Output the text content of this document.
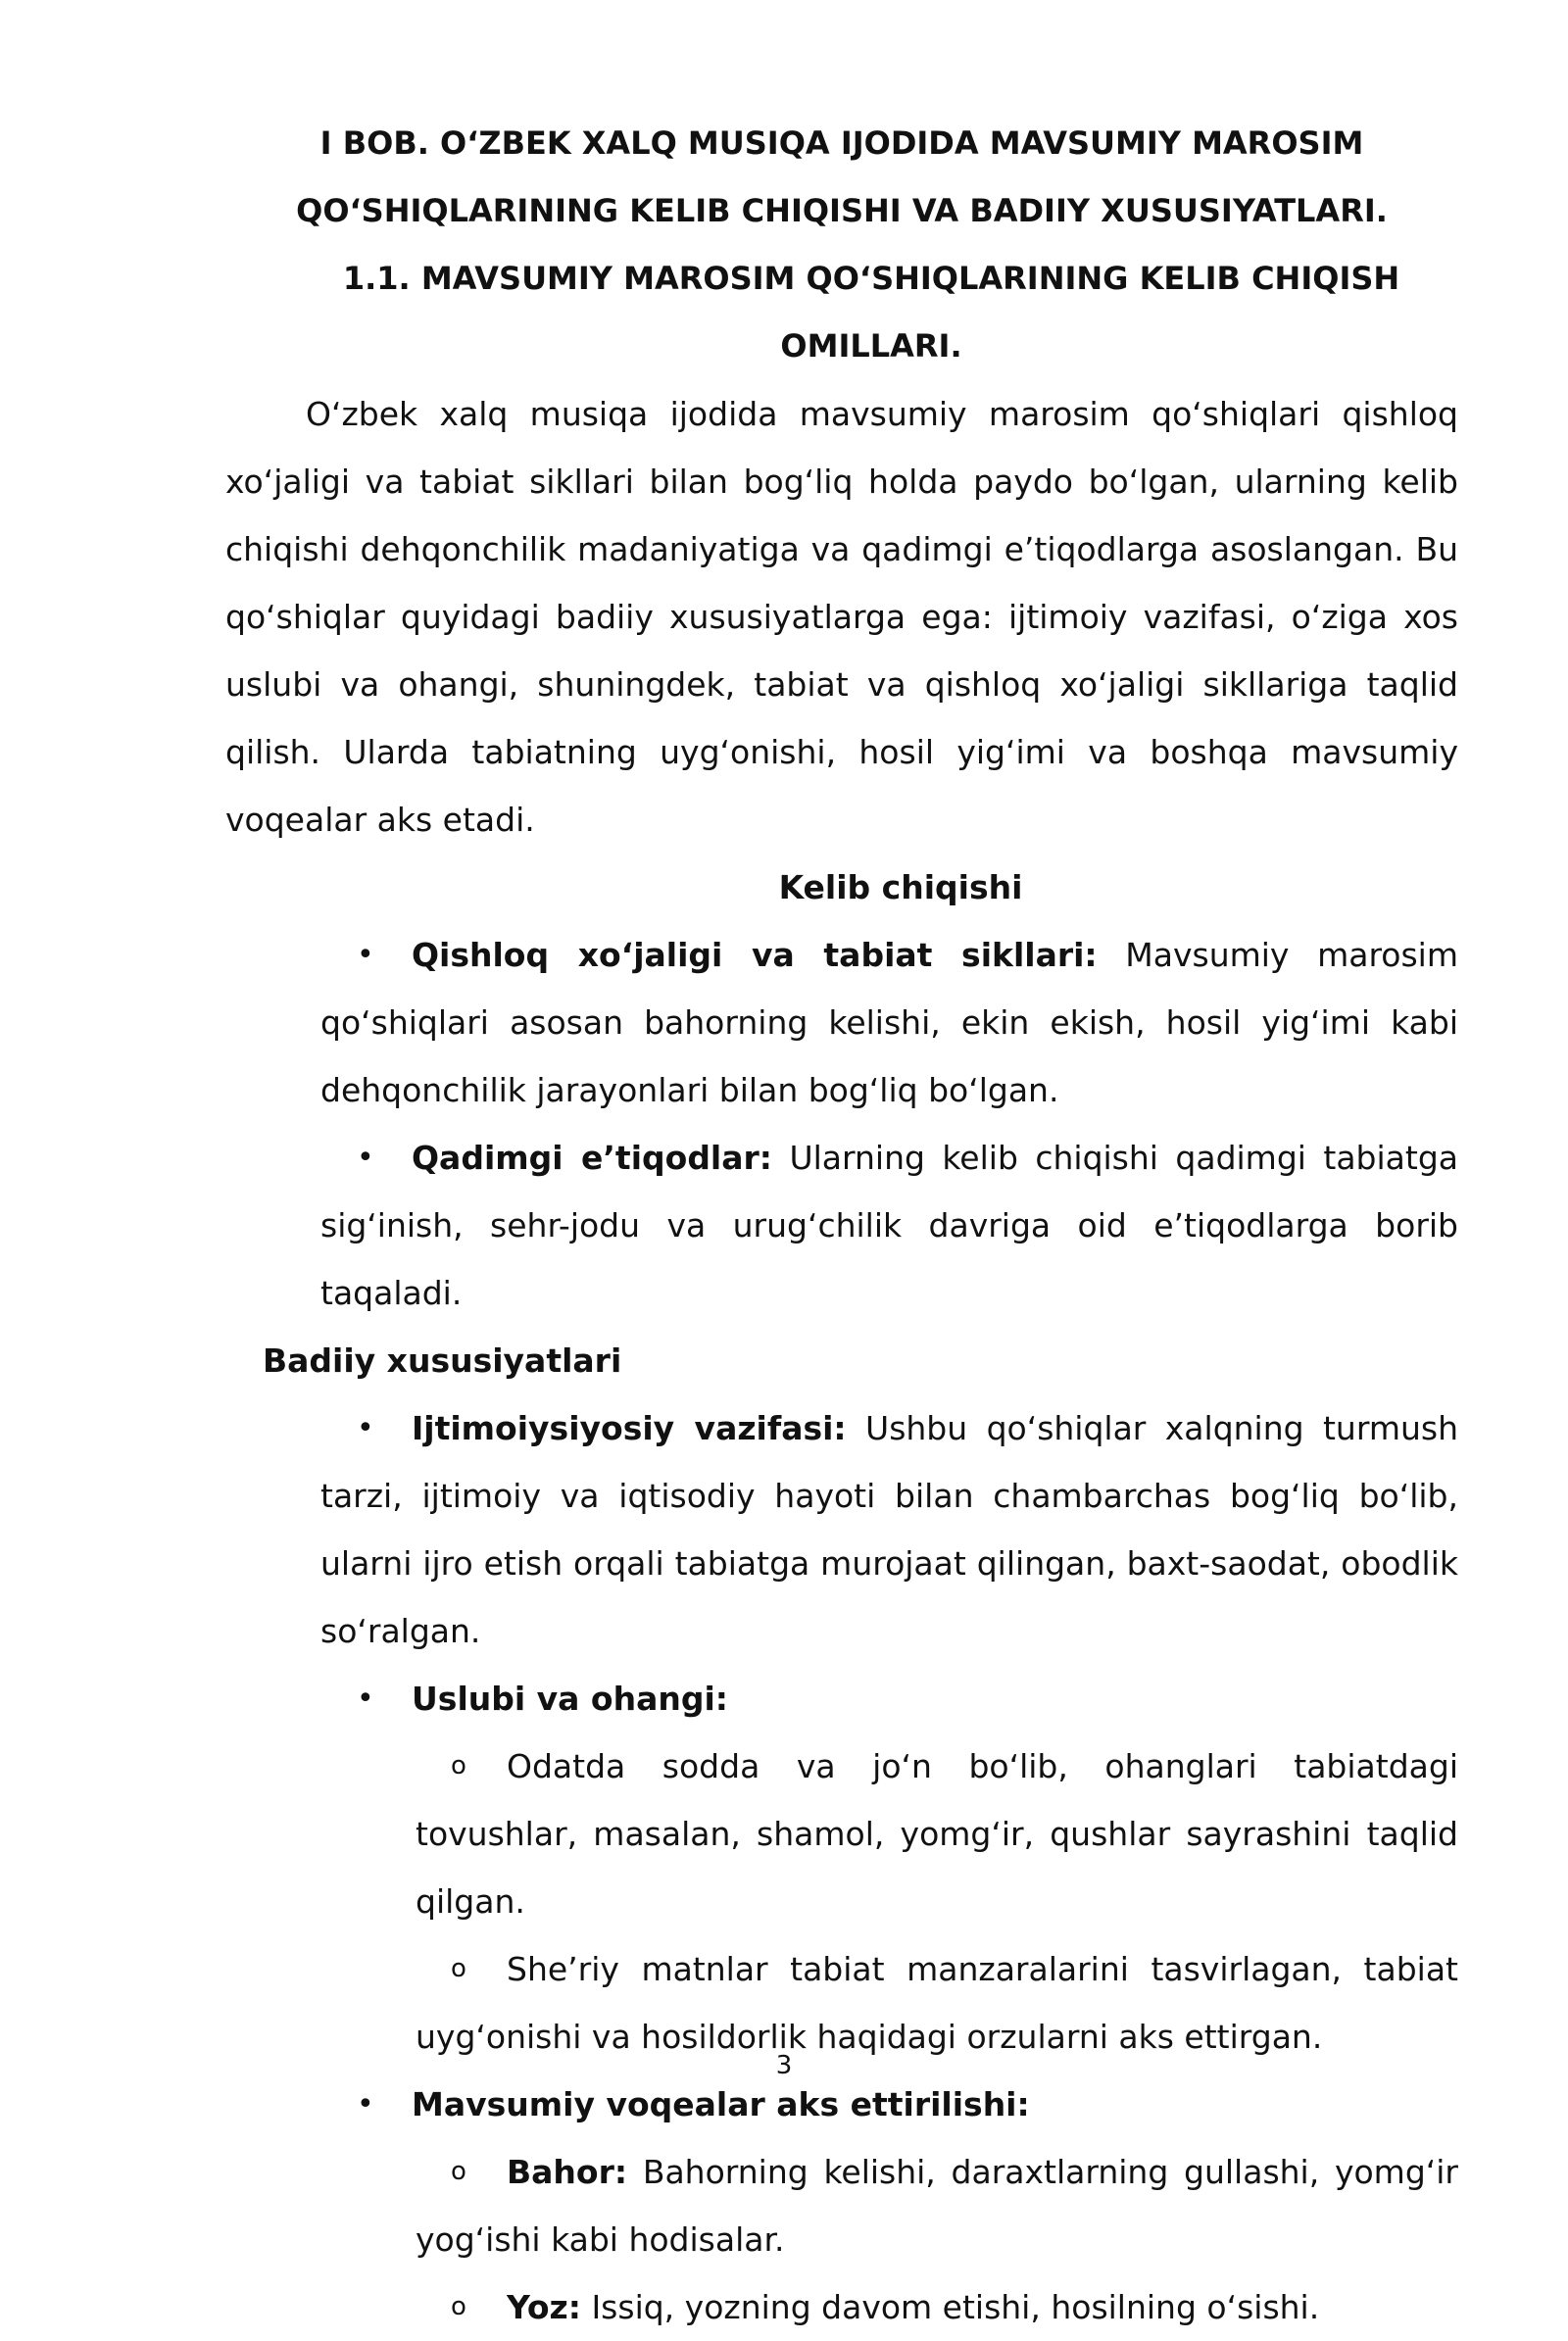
I BOB. O‘ZBEK XALQ MUSIQA IJODIDA MAVSUMIY MAROSIM

QO‘SHIQLARINING KELIB CHIQISHI VA BADIIY XUSUSIYATLARI.

1.1. MAVSUMIY MAROSIM QO‘SHIQLARINING KELIB CHIQISH OMILLARI.

O‘zbek xalq musiqa ijodida mavsumiy marosim qo‘shiqlari qishloq xo‘jaligi va tabiat sikllari bilan bog‘liq holda paydo bo‘lgan, ularning kelib chiqishi dehqonchilik madaniyatiga va qadimgi e’tiqodlarga asoslangan. Bu qo‘shiqlar quyidagi badiiy xususiyatlarga ega: ijtimoiy vazifasi, o‘ziga xos uslubi va ohangi, shuningdek, tabiat va qishloq xo‘jaligi sikllariga taqlid qilish. Ularda tabiatning uyg‘onishi, hosil yig‘imi va boshqa mavsumiy voqealar aks etadi.

Kelib chiqishi

• Qishloq xo‘jaligi va tabiat sikllari: Mavsumiy marosim qo‘shiqlari asosan bahorning kelishi, ekin ekish, hosil yig‘imi kabi dehqonchilik jarayonlari bilan bog‘liq bo‘lgan.

• Qadimgi e’tiqodlar: Ularning kelib chiqishi qadimgi tabiatga sig‘inish, sehr-jodu va urug‘chilik davriga oid e’tiqodlarga borib taqaladi.

Badiiy xususiyatlari

• Ijtimoiysiyosiy vazifasi: Ushbu qo‘shiqlar xalqning turmush tarzi, ijtimoiy va iqtisodiy hayoti bilan chambarchas bog‘liq bo‘lib, ularni ijro etish orqali tabiatga murojaat qilingan, baxt-saodat, obodlik so‘ralgan.

• Uslubi va ohangi:

o Odatda sodda va jo‘n bo‘lib, ohanglari tabiatdagi tovushlar, masalan, shamol, yomg‘ir, qushlar sayrashini taqlid qilgan.

o She’riy matnlar tabiat manzaralarini tasvirlagan, tabiat uyg‘onishi va hosildorlik haqidagi orzularni aks ettirgan.

• Mavsumiy voqealar aks ettirilishi:

o Bahor: Bahorning kelishi, daraxtlarning gullashi, yomg‘ir yog‘ishi kabi hodisalar.

o Yoz: Issiq, yozning davom etishi, hosilning o‘sishi.

3
